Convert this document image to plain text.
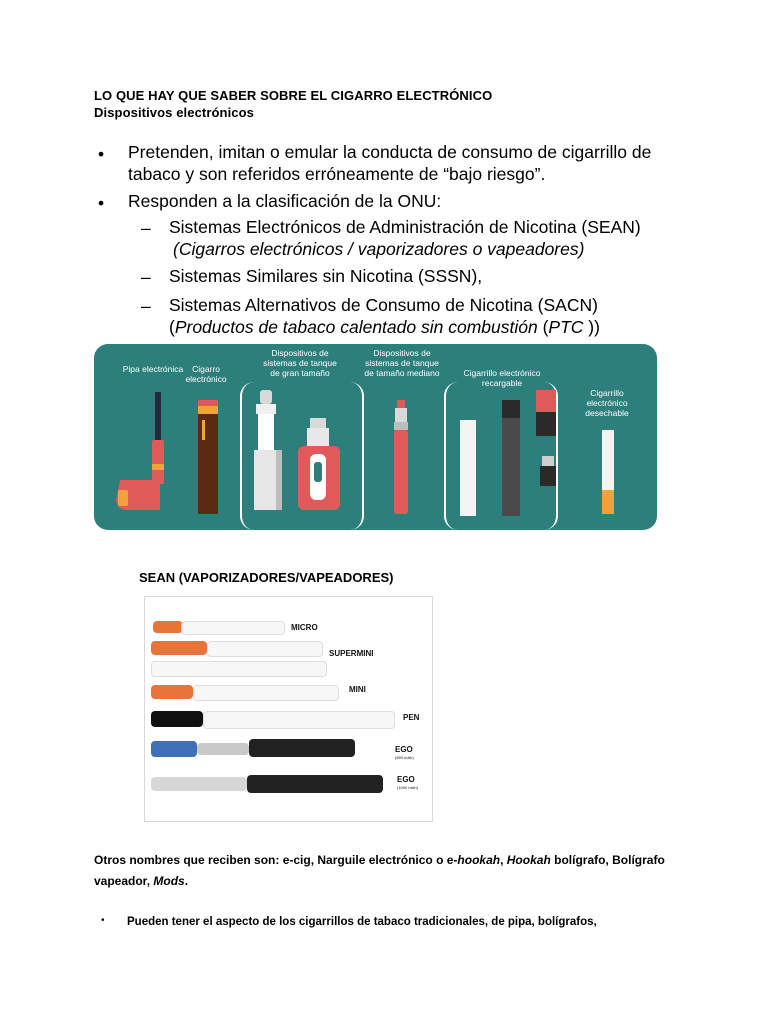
LO QUE HAY QUE SABER SOBRE EL CIGARRO ELECTRÓNICO
Dispositivos electrónicos
• Pretenden, imitan o emular la conducta de consumo de cigarrillo de tabaco y son referidos erróneamente de “bajo riesgo”.
• Responden a la clasificación de la ONU:
– Sistemas Electrónicos de Administración de Nicotina (SEAN)
(Cigarros electrónicos / vaporizadores o vapeadores)
– Sistemas Similares sin Nicotina (SSSN),
– Sistemas Alternativos de Consumo de Nicotina (SACN)
(Productos de tabaco calentado sin combustión (PTC ))
Pipa electrónica	Cigarro electrónico
Dispositivos de sistemas de tanque de gran tamaño
Dispositivos de sistemas de tanque de tamaño mediano	Cigarrillo electrónico recargable
Cigarrillo electrónico desechable
SEAN (VAPORIZADORES/VAPEADORES)
MICRO
SUPERMINI
MINI
PEN
EGO
(650 mAh)
EGO
(1000 mAh)
Otros nombres que reciben son: e-cig, Narguile electrónico o e-hookah, Hookah bolígrafo, Bolígrafo vapeador, Mods.
• Pueden tener el aspecto de los cigarrillos de tabaco tradicionales, de pipa, bolígrafos,
